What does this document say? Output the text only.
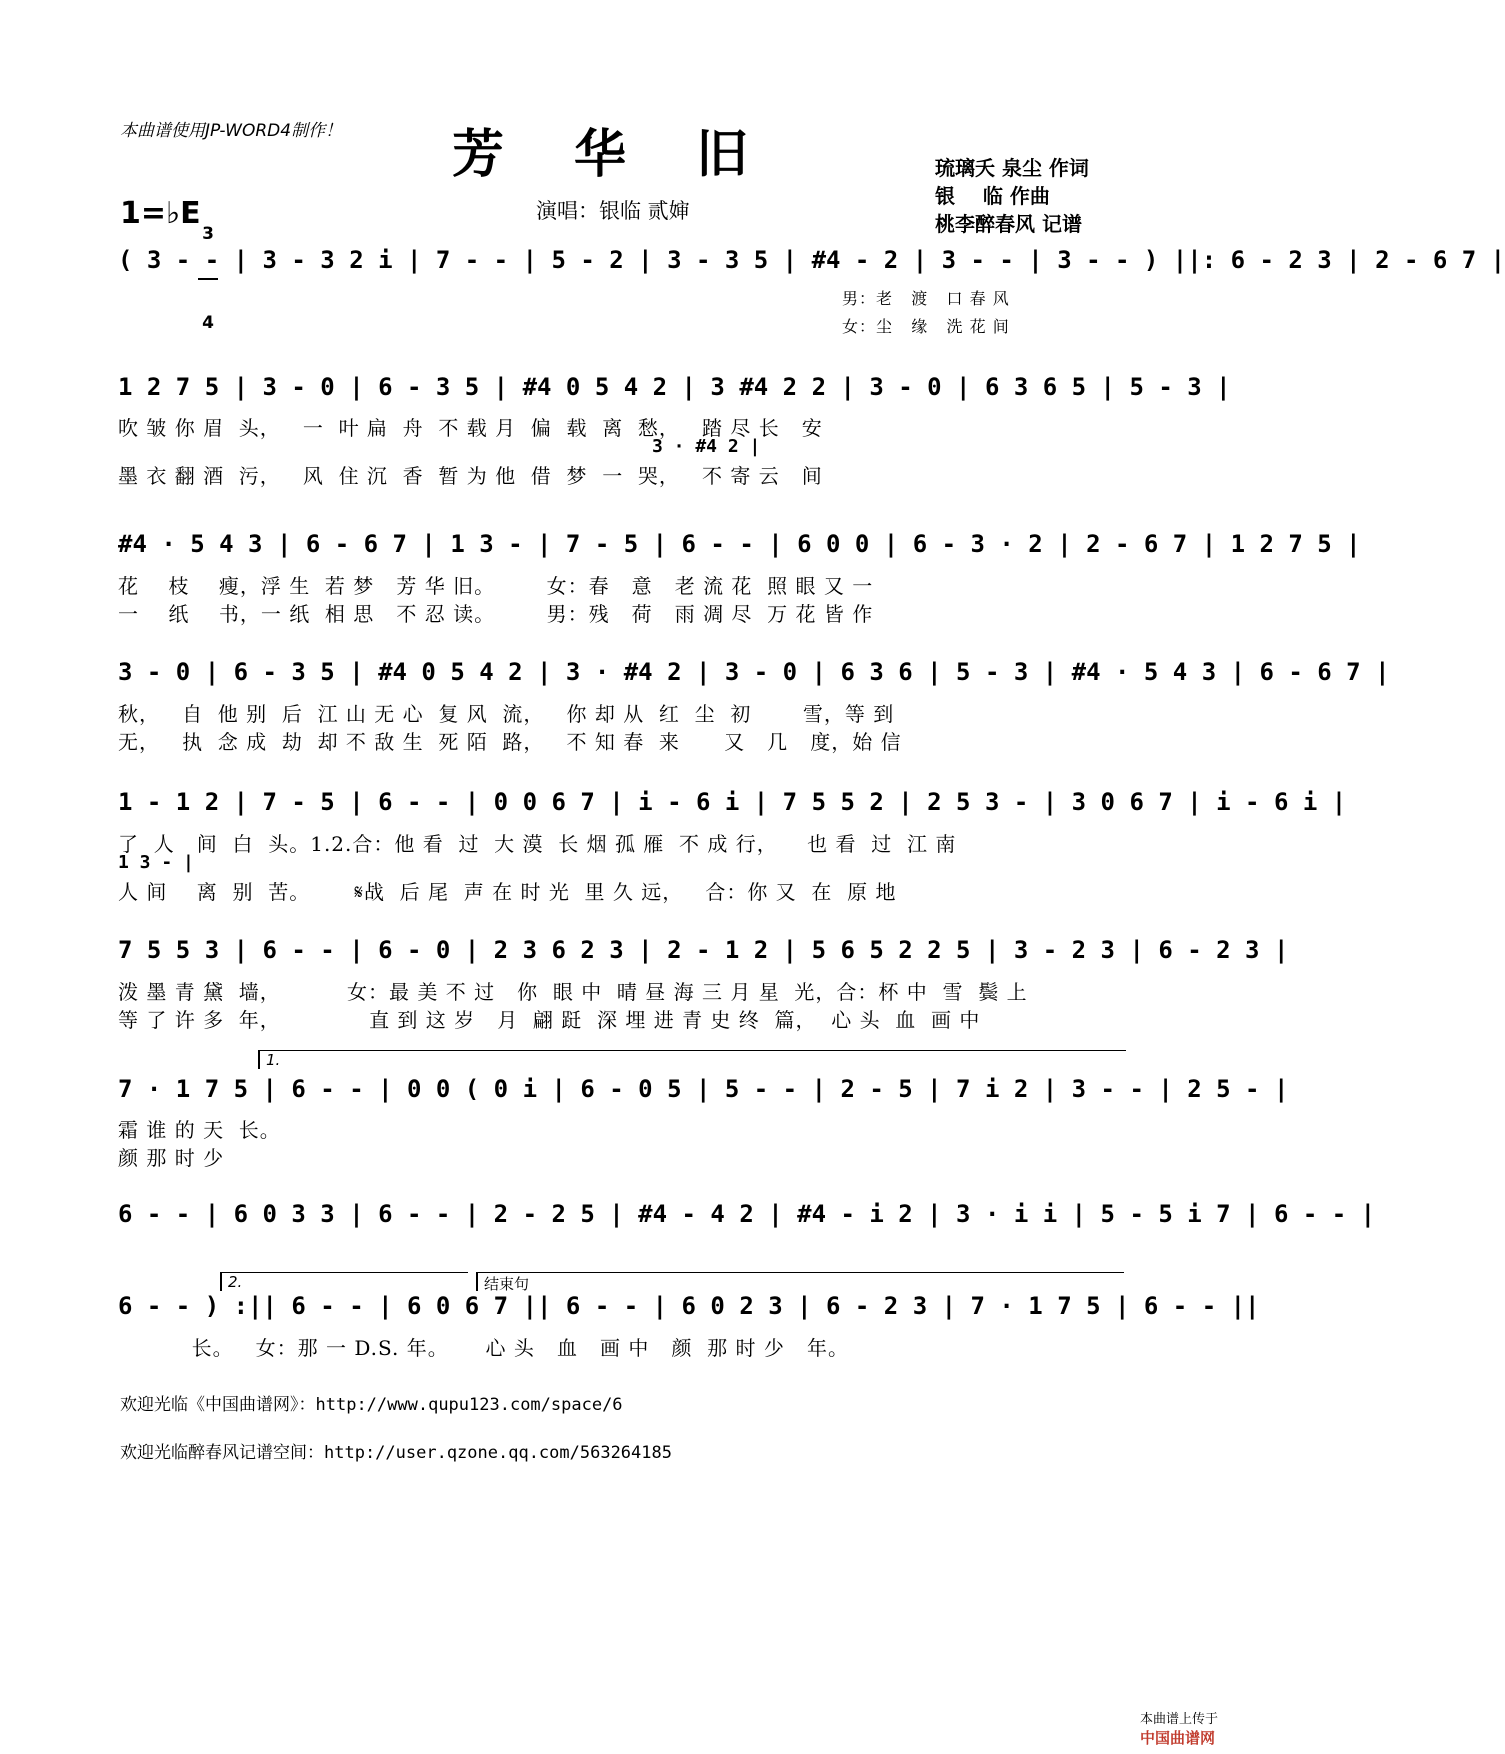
本曲谱使用JP-WORD4制作！ 芳华旧
1=♭E

3

4

演唱：银临 贰婶
琉璃夭 泉尘 作词
银    临 作曲
桃李醉春风 记谱
( 3 - - | 3 - 3 2 i | 7 - - | 5 - 2 | 3 - 3 5 | #4 - 2 | 3 - - | 3 - - ) ||: 6 - 2 3 | 2 - 6 7 |
男：老   渡   口 春 风
女：尘   缘   洗 花 间
1 2 7 5 | 3 - 0 | 6 - 3 5 | #4 0 5 4 2 | 3 #4 2 2 | 3 - 0 | 6 3 6 5 | 5 - 3 |
吹 皱 你 眉  头，   一  叶 扁  舟  不 载 月  偏  载  离  愁，   踏 尽 长   安
3 · #4 2 |
墨 衣 翻 酒  污，   风  住 沉  香  暂 为 他  借  梦  一  哭，   不 寄 云   间
#4 · 5 4 3 | 6 - 6 7 | 1 3 - | 7 - 5 | 6 - - | 6 0 0 | 6 - 3 · 2 | 2 - 6 7 | 1 2 7 5 |
花    枝    瘦，浮 生  若 梦   芳 华 旧。       女：春   意   老 流 花  照 眼 又 一
一    纸    书，一 纸  相 思   不 忍 读。       男：残   荷   雨 凋 尽  万 花 皆 作
3 - 0 | 6 - 3 5 | #4 0 5 4 2 | 3 · #4 2 | 3 - 0 | 6 3 6 | 5 - 3 | #4 · 5 4 3 | 6 - 6 7 |
秋，   自  他 别  后  江 山 无 心  复 风  流，   你 却 从  红  尘  初       雪，等 到
无，   执  念 成  劫  却 不 敌 生  死 陌  路，   不 知 春  来      又   几   度，始 信
1 - 1 2 | 7 - 5 | 6 - - | 0 0 6 7 | i - 6 i | 7 5 5 2 | 2 5 3 - | 3 0 6 7 | i - 6 i |
了  人   间  白  头。1.2.合：他 看  过  大 漠  长 烟 孤 雁  不 成 行，    也 看  过  江 南
1 3 - |
人 间    离  别  苦。      𝄋战  后 尾  声 在 时 光  里 久 远，   合：你 又  在  原 地
7 5 5 3 | 6 - - | 6 - 0 | 2 3 6 2 3 | 2 - 1 2 | 5 6 5 2 2 5 | 3 - 2 3 | 6 - 2 3 |
泼 墨 青 黛  墙，         女：最 美 不 过   你  眼 中  晴 昼 海 三 月 星  光，合：杯 中  雪  鬓 上
等 了 许 多  年，            直 到 这 岁   月  翩 跹  深 埋 进 青 史 终  篇，  心 头  血  画 中
1.
7 · 1 7 5 | 6 - - | 0 0 ( 0 i | 6 - 0 5 | 5 - - | 2 - 5 | 7 i 2 | 3 - - | 2 5 - |
霜 谁 的 天  长。
颜 那 时 少
6 - - | 6 0 3 3 | 6 - - | 2 - 2 5 | #4 - 4 2 | #4 - i 2 | 3 · i i | 5 - 5 i 7 | 6 - - |
2.	结束句
6 - - ) :|| 6 - - | 6 0 6 7 || 6 - - | 6 0 2 3 | 6 - 2 3 | 7 · 1 7 5 | 6 - - ||
长。   女：那 一 D.S. 年。     心 头   血   画 中   颜  那 时 少   年。
欢迎光临《中国曲谱网》：http://www.qupu123.com/space/6
欢迎光临醉春风记谱空间：http://user.qzone.qq.com/563264185

本曲谱上传于
中国曲谱网
